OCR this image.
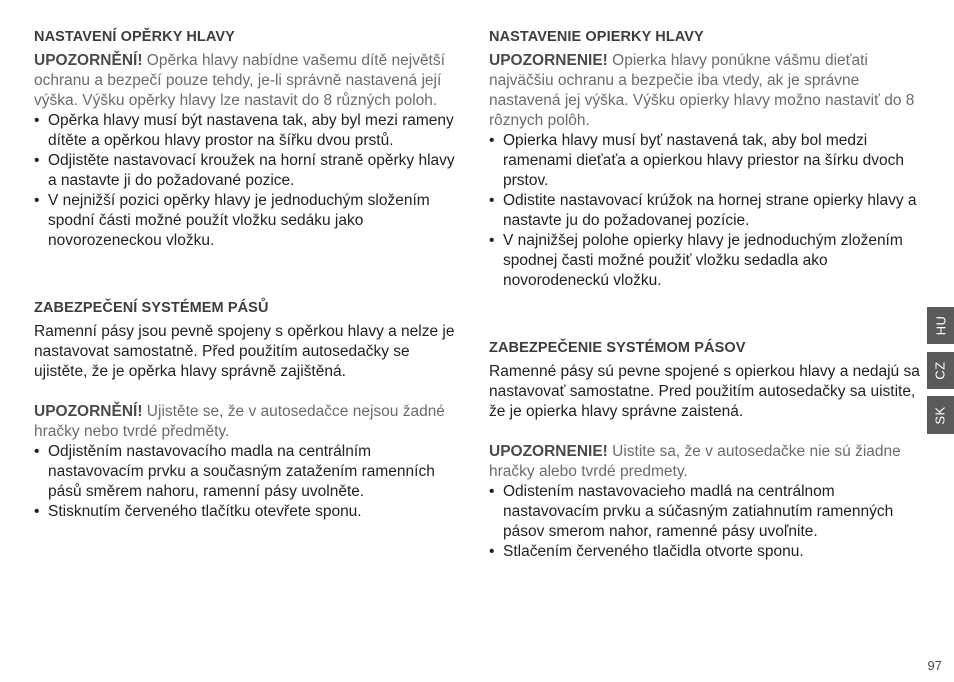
NASTAVENÍ OPĚRKY HLAVY

UPOZORNĚNÍ! Opěrka hlavy nabídne vašemu dítě největší ochranu a bezpečí pouze tehdy, je-li správně nastavená její výška. Výšku opěrky hlavy lze nastavit do 8 různých poloh.

• Opěrka hlavy musí být nastavena tak, aby byl mezi rameny dítěte a opěrkou hlavy prostor na šířku dvou prstů.
• Odjistěte nastavovací kroužek na horní straně opěrky hlavy a nastavte ji do požadované pozice.
• V nejnižší pozici opěrky hlavy je jednoduchým složením spodní části možné použít vložku sedáku jako novorozeneckou vložku.
ZABEZPEČENÍ SYSTÉMEM PÁSŮ

Ramenní pásy jsou pevně spojeny s opěrkou hlavy a nelze je nastavovat samostatně. Před použitím autosedačky se ujistěte, že je opěrka hlavy správně zajištěná.

UPOZORNĚNÍ! Ujistěte se, že v autosedačce nejsou žadné hračky nebo tvrdé předměty.

• Odjistěním nastavovacího madla na centrálním nastavovacím prvku a současným zatažením ramenních pásů směrem nahoru, ramenní pásy uvolněte.
• Stisknutím červeného tlačítku otevřete sponu.
NASTAVENIE OPIERKY HLAVY

UPOZORNENIE! Opierka hlavy ponúkne vášmu dieťati najväčšiu ochranu a bezpečie iba vtedy, ak je správne nastavená jej výška. Výšku opierky hlavy možno nastaviť do 8 rôznych polôh.

• Opierka hlavy musí byť nastavená tak, aby bol medzi ramenami dieťaťa a opierkou hlavy priestor na šírku dvoch prstov.
• Odistite nastavovací krúžok na hornej strane opierky hlavy a nastavte ju do požadovanej pozície.
• V najnižšej polohe opierky hlavy je jednoduchým zložením spodnej časti možné použiť vložku sedadla ako novorodeneckú vložku.
ZABEZPEČENIE SYSTÉMOM PÁSOV

Ramenné pásy sú pevne spojené s opierkou hlavy a nedajú sa nastavovať samostatne. Pred použitím autosedačky sa uistite, že je opierka hlavy správne zaistená.

UPOZORNENIE! Uistite sa, že v autosedačke nie sú žiadne hračky alebo tvrdé predmety.

• Odistením nastavovacieho madlá na centrálnom nastavovacím prvku a súčasným zatiahnutím ramenných pásov smerom nahor, ramenné pásy uvoľnite.
• Stlačením červeného tlačidla otvorte sponu.
HU
CZ
SK
97
